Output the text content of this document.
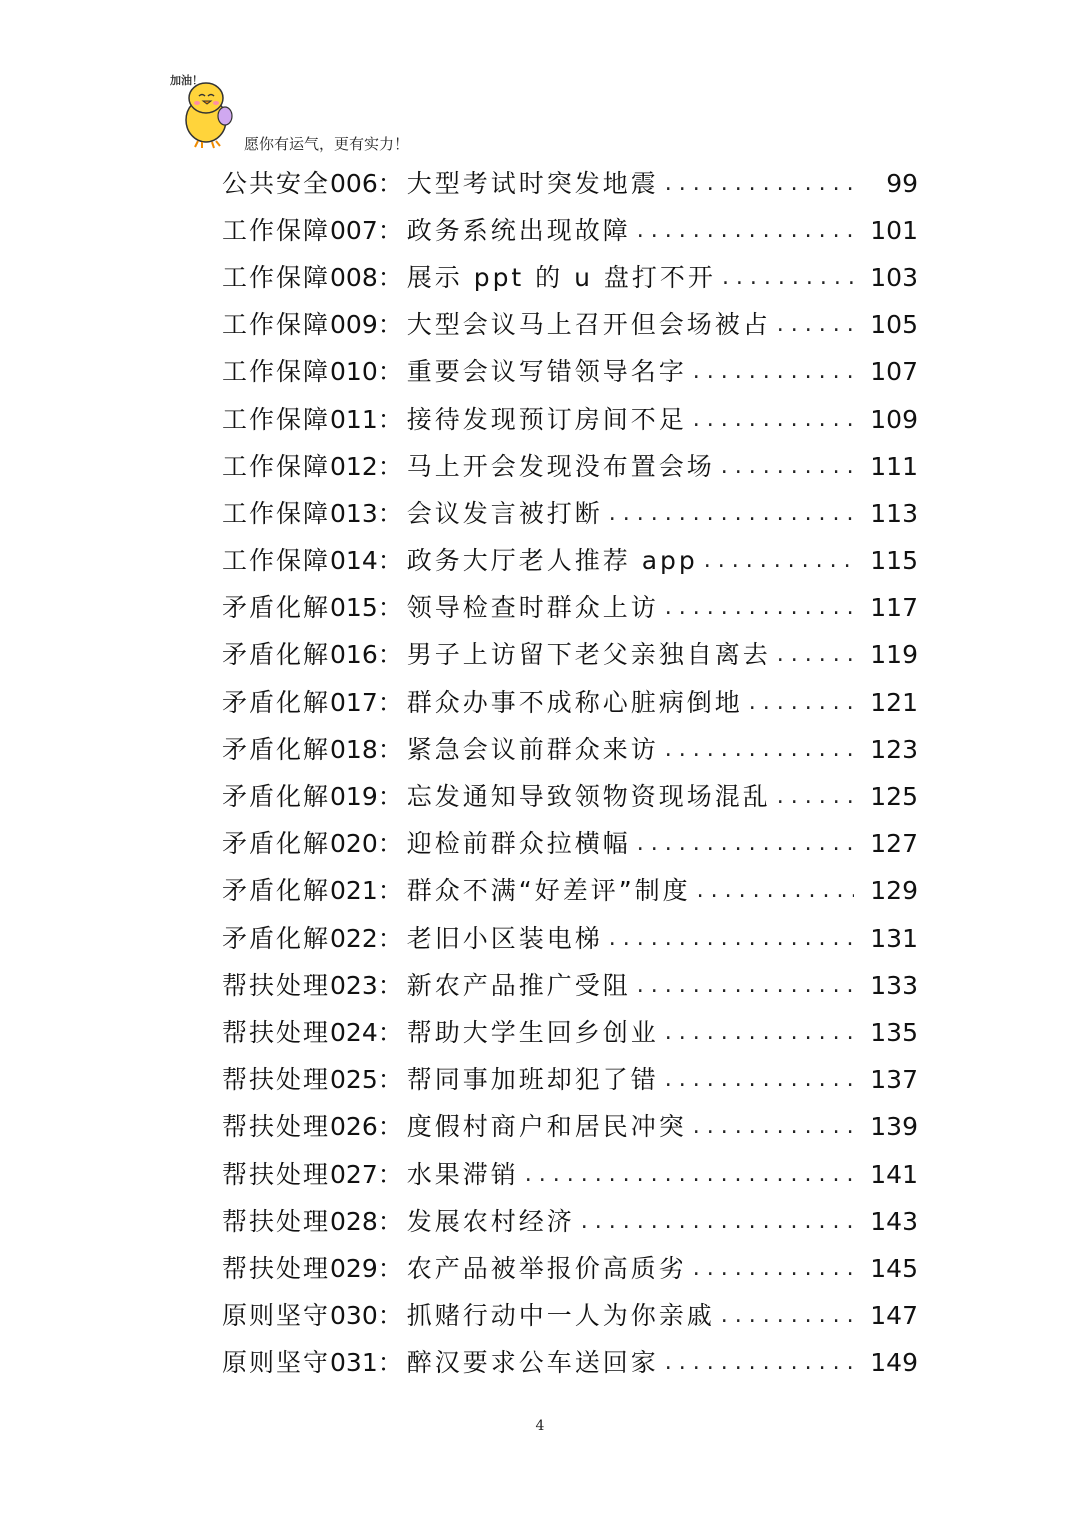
加油！
愿你有运气，更有实力！
公共安全 006 ： 大型考试时突发地震 . . .	99
工作保障 007 ： 政务系统出现故障 . . .	101
工作保障 008 ： 展示 ppt 的 u 盘打不开 . . .	103
工作保障 009 ： 大型会议马上召开但会场被占 . . .	105
工作保障 010 ： 重要会议写错领导名字 . . .	107
工作保障 011 ： 接待发现预订房间不足 . . .	109
工作保障 012 ： 马上开会发现没布置会场 . . .	111
工作保障 013 ： 会议发言被打断 . . .	113
工作保障 014 ： 政务大厅老人推荐 app . . .	115
矛盾化解 015 ： 领导检查时群众上访 . . .	117
矛盾化解 016 ： 男子上访留下老父亲独自离去 . . .	119
矛盾化解 017 ： 群众办事不成称心脏病倒地 . . .	121
矛盾化解 018 ： 紧急会议前群众来访 . . .	123
矛盾化解 019 ： 忘发通知导致领物资现场混乱 . . .	125
矛盾化解 020 ： 迎检前群众拉横幅 . . .	127
矛盾化解 021 ： 群众不满“好差评”制度 . . .	129
矛盾化解 022 ： 老旧小区装电梯 . . .	131
帮扶处理 023 ： 新农产品推广受阻 . . .	133
帮扶处理 024 ： 帮助大学生回乡创业 . . .	135
帮扶处理 025 ： 帮同事加班却犯了错 . . .	137
帮扶处理 026 ： 度假村商户和居民冲突 . . .	139
帮扶处理 027 ： 水果滞销 . . .	141
帮扶处理 028 ： 发展农村经济 . . .	143
帮扶处理 029 ： 农产品被举报价高质劣 . . .	145
原则坚守 030 ： 抓赌行动中一人为你亲戚 . . .	147
原则坚守 031 ： 醉汉要求公车送回家 . . .	149
4
